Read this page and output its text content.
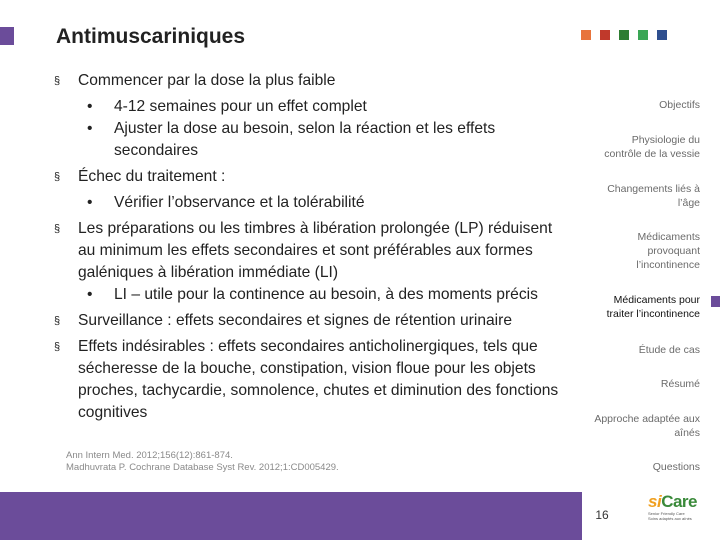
Antimuscariniques
§ Commencer par la dose la plus faible
• 4-12 semaines pour un effet complet
• Ajuster la dose au besoin, selon la réaction et les effets secondaires
§ Échec du traitement :
• Vérifier l’observance et la tolérabilité
§ Les préparations ou les timbres à libération prolongée (LP) réduisent au minimum les effets secondaires et sont préférables aux formes galéniques à libération immédiate (LI)
• LI – utile pour la continence au besoin, à des moments précis
§ Surveillance : effets secondaires et signes de rétention urinaire
§ Effets indésirables : effets secondaires anticholinergiques, tels que sécheresse de la bouche, constipation, vision floue pour les objets proches, tachycardie, somnolence, chutes et diminution des fonctions cognitives
Ann Intern Med. 2012;156(12):861-874.
Madhuvrata P. Cochrane Database Syst Rev. 2012;1:CD005429.
Objectifs
Physiologie du contrôle de la vessie
Changements liés à l’âge
Médicaments provoquant l’incontinence
Médicaments pour traiter l’incontinence
Étude de cas
Résumé
Approche adaptée aux aînés
Questions
16
siCare
Senior Friendly Care
Soins adaptés aux aînés
